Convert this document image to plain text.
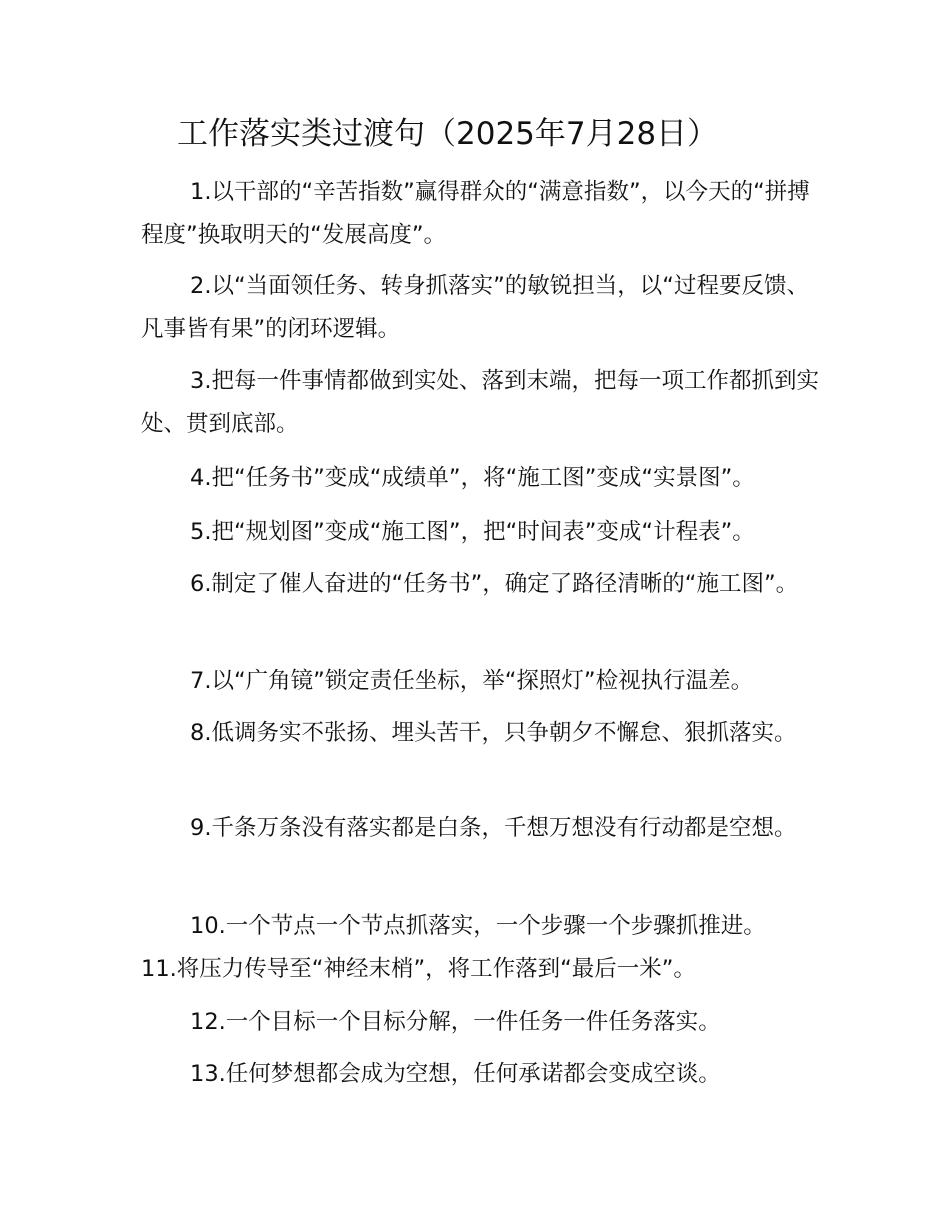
工作落实类过渡句（2025年7月28日）
1.以干部的“辛苦指数”赢得群众的“满意指数”，以今天的“拼搏程度”换取明天的“发展高度”。
2.以“当面领任务、转身抓落实”的敏锐担当，以“过程要反馈、凡事皆有果”的闭环逻辑。
3.把每一件事情都做到实处、落到末端，把每一项工作都抓到实处、贯到底部。
4.把“任务书”变成“成绩单”，将“施工图”变成“实景图”。
5.把“规划图”变成“施工图”，把“时间表”变成“计程表”。
6.制定了催人奋进的“任务书”，确定了路径清晰的“施工图”。
7.以“广角镜”锁定责任坐标，举“探照灯”检视执行温差。
8.低调务实不张扬、埋头苦干，只争朝夕不懈怠、狠抓落实。
9.千条万条没有落实都是白条，千想万想没有行动都是空想。
10.一个节点一个节点抓落实，一个步骤一个步骤抓推进。
11.将压力传导至“神经末梢”，将工作落到“最后一米”。
12.一个目标一个目标分解，一件任务一件任务落实。
13.任何梦想都会成为空想，任何承诺都会变成空谈。
